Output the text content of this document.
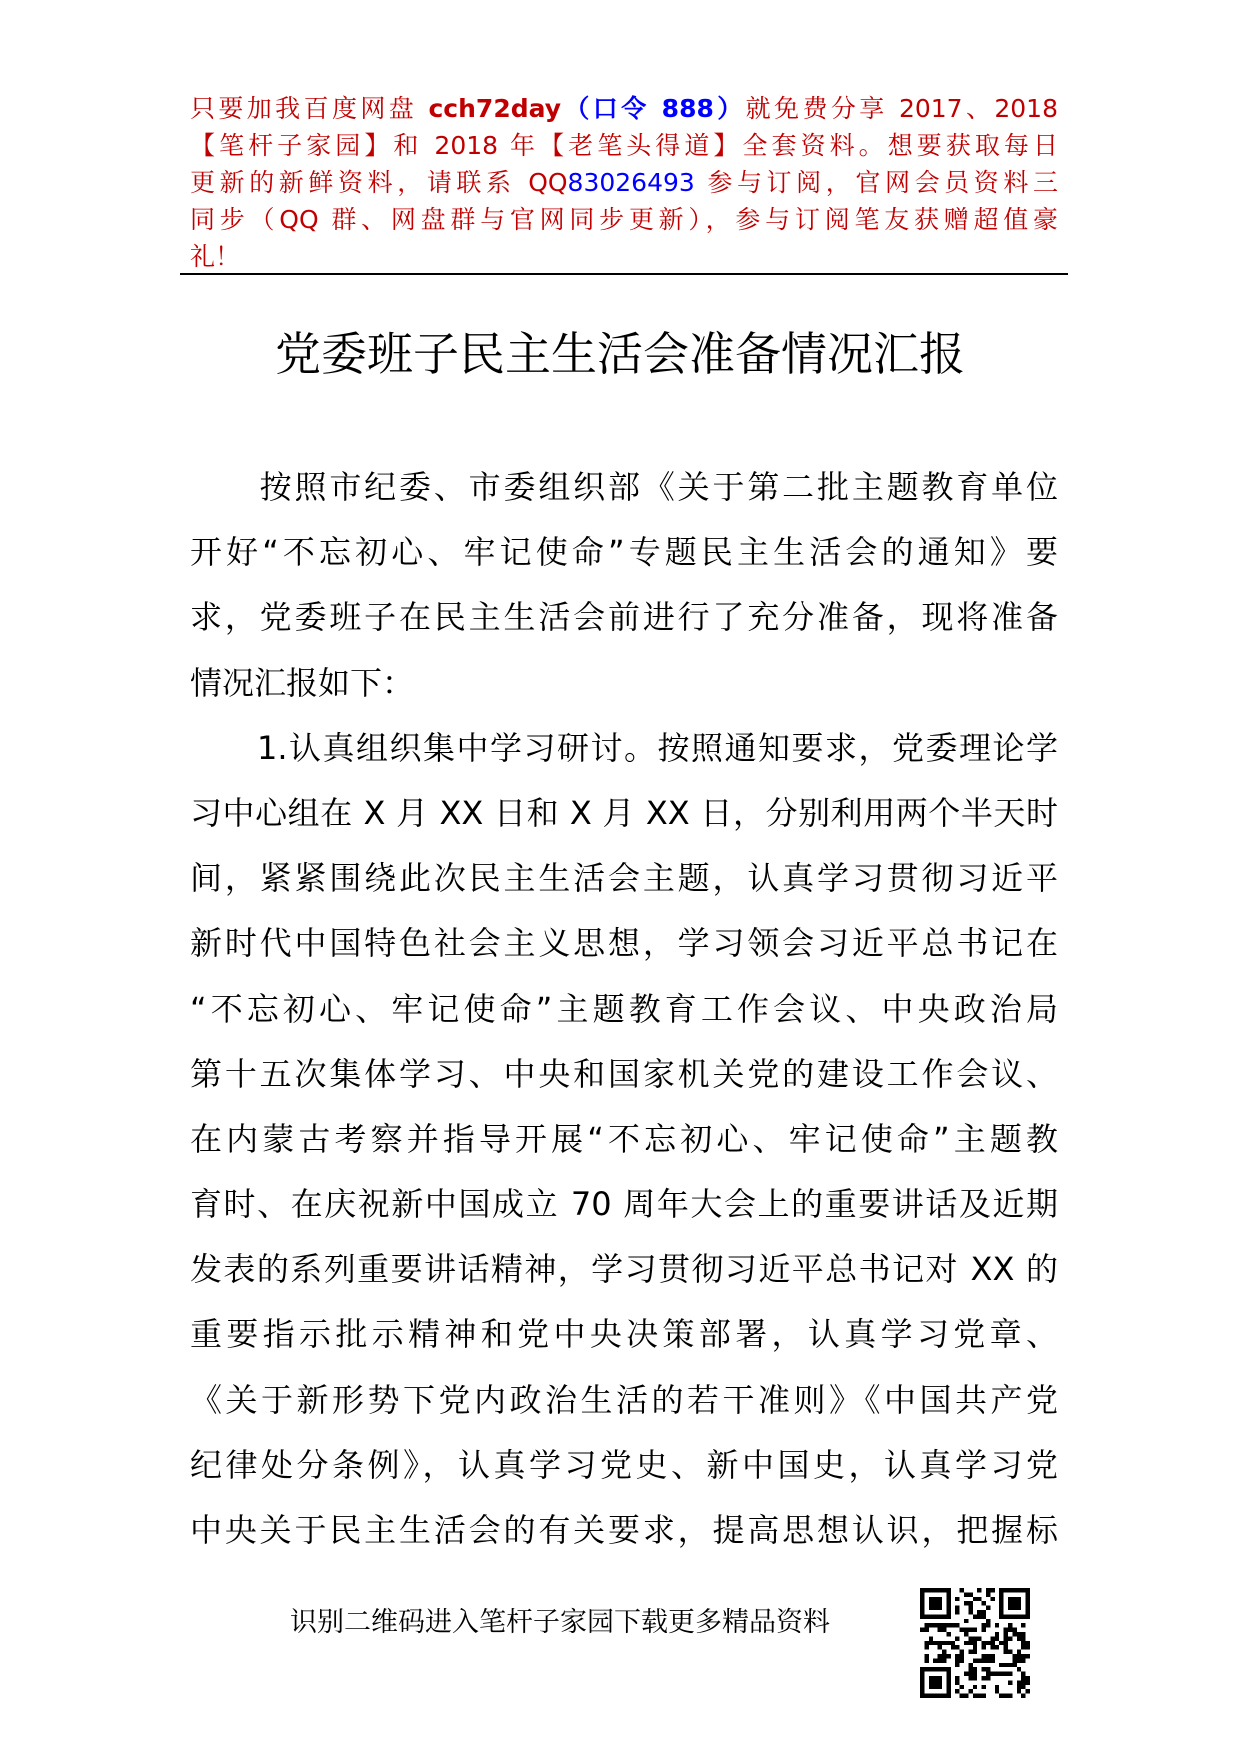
只要加我百度网盘 cch72day（口令 888）就免费分享 2017、2018
【笔杆子家园】和 2018 年【老笔头得道】全套资料。想要获取每日
更新的新鲜资料，请联系 QQ83026493 参与订阅，官网会员资料三
同步（QQ 群、网盘群与官网同步更新），参与订阅笔友获赠超值豪
礼！
党委班子民主生活会准备情况汇报
　　按照市纪委、市委组织部《关于第二批主题教育单位
开好“不忘初心、牢记使命”专题民主生活会的通知》要
求，党委班子在民主生活会前进行了充分准备，现将准备
情况汇报如下：
　　1.认真组织集中学习研讨。按照通知要求，党委理论学
习中心组在 X 月 XX 日和 X 月 XX 日，分别利用两个半天时
间，紧紧围绕此次民主生活会主题，认真学习贯彻习近平
新时代中国特色社会主义思想，学习领会习近平总书记在
“不忘初心、牢记使命”主题教育工作会议、中央政治局
第十五次集体学习、中央和国家机关党的建设工作会议、
在内蒙古考察并指导开展“不忘初心、牢记使命”主题教
育时、在庆祝新中国成立 70 周年大会上的重要讲话及近期
发表的系列重要讲话精神，学习贯彻习近平总书记对 XX 的
重要指示批示精神和党中央决策部署，认真学习党章、
《关于新形势下党内政治生活的若干准则》《中国共产党
纪律处分条例》，认真学习党史、新中国史，认真学习党
中央关于民主生活会的有关要求，提高思想认识，把握标
识别二维码进入笔杆子家园下载更多精品资料
